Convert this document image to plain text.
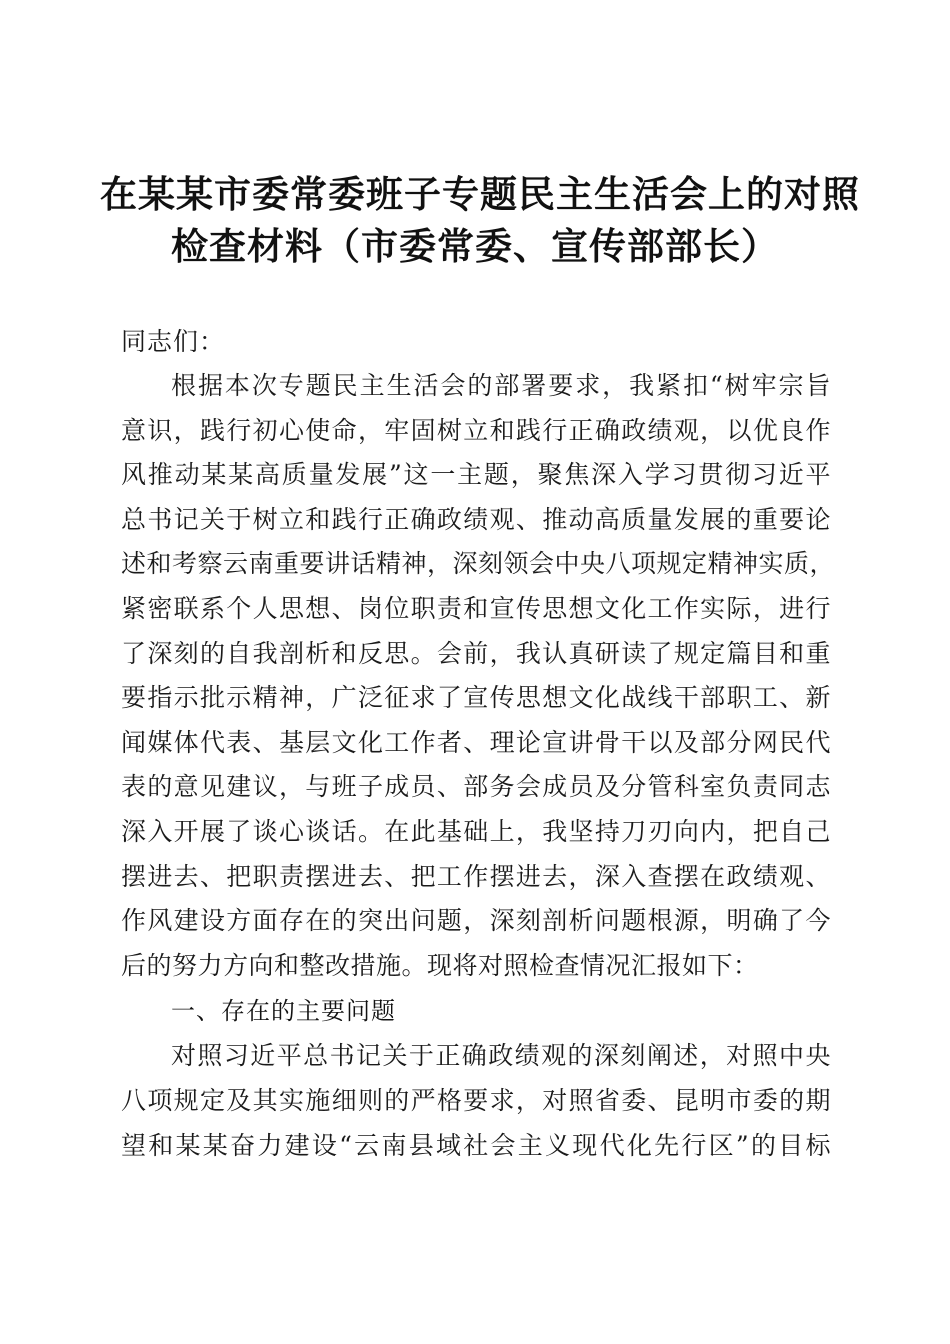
在某某市委常委班子专题民主生活会上的对照
检查材料（市委常委、宣传部部长）
同志们：
根据本次专题民主生活会的部署要求，我紧扣“树牢宗旨
意识，践行初心使命，牢固树立和践行正确政绩观，以优良作
风推动某某高质量发展”这一主题，聚焦深入学习贯彻习近平
总书记关于树立和践行正确政绩观、推动高质量发展的重要论
述和考察云南重要讲话精神，深刻领会中央八项规定精神实质，
紧密联系个人思想、岗位职责和宣传思想文化工作实际，进行
了深刻的自我剖析和反思。会前，我认真研读了规定篇目和重
要指示批示精神，广泛征求了宣传思想文化战线干部职工、新
闻媒体代表、基层文化工作者、理论宣讲骨干以及部分网民代
表的意见建议，与班子成员、部务会成员及分管科室负责同志
深入开展了谈心谈话。在此基础上，我坚持刀刃向内，把自己
摆进去、把职责摆进去、把工作摆进去，深入查摆在政绩观、
作风建设方面存在的突出问题，深刻剖析问题根源，明确了今
后的努力方向和整改措施。现将对照检查情况汇报如下：
一、存在的主要问题
对照习近平总书记关于正确政绩观的深刻阐述，对照中央
八项规定及其实施细则的严格要求，对照省委、昆明市委的期
望和某某奋力建设“云南县域社会主义现代化先行区”的目标
